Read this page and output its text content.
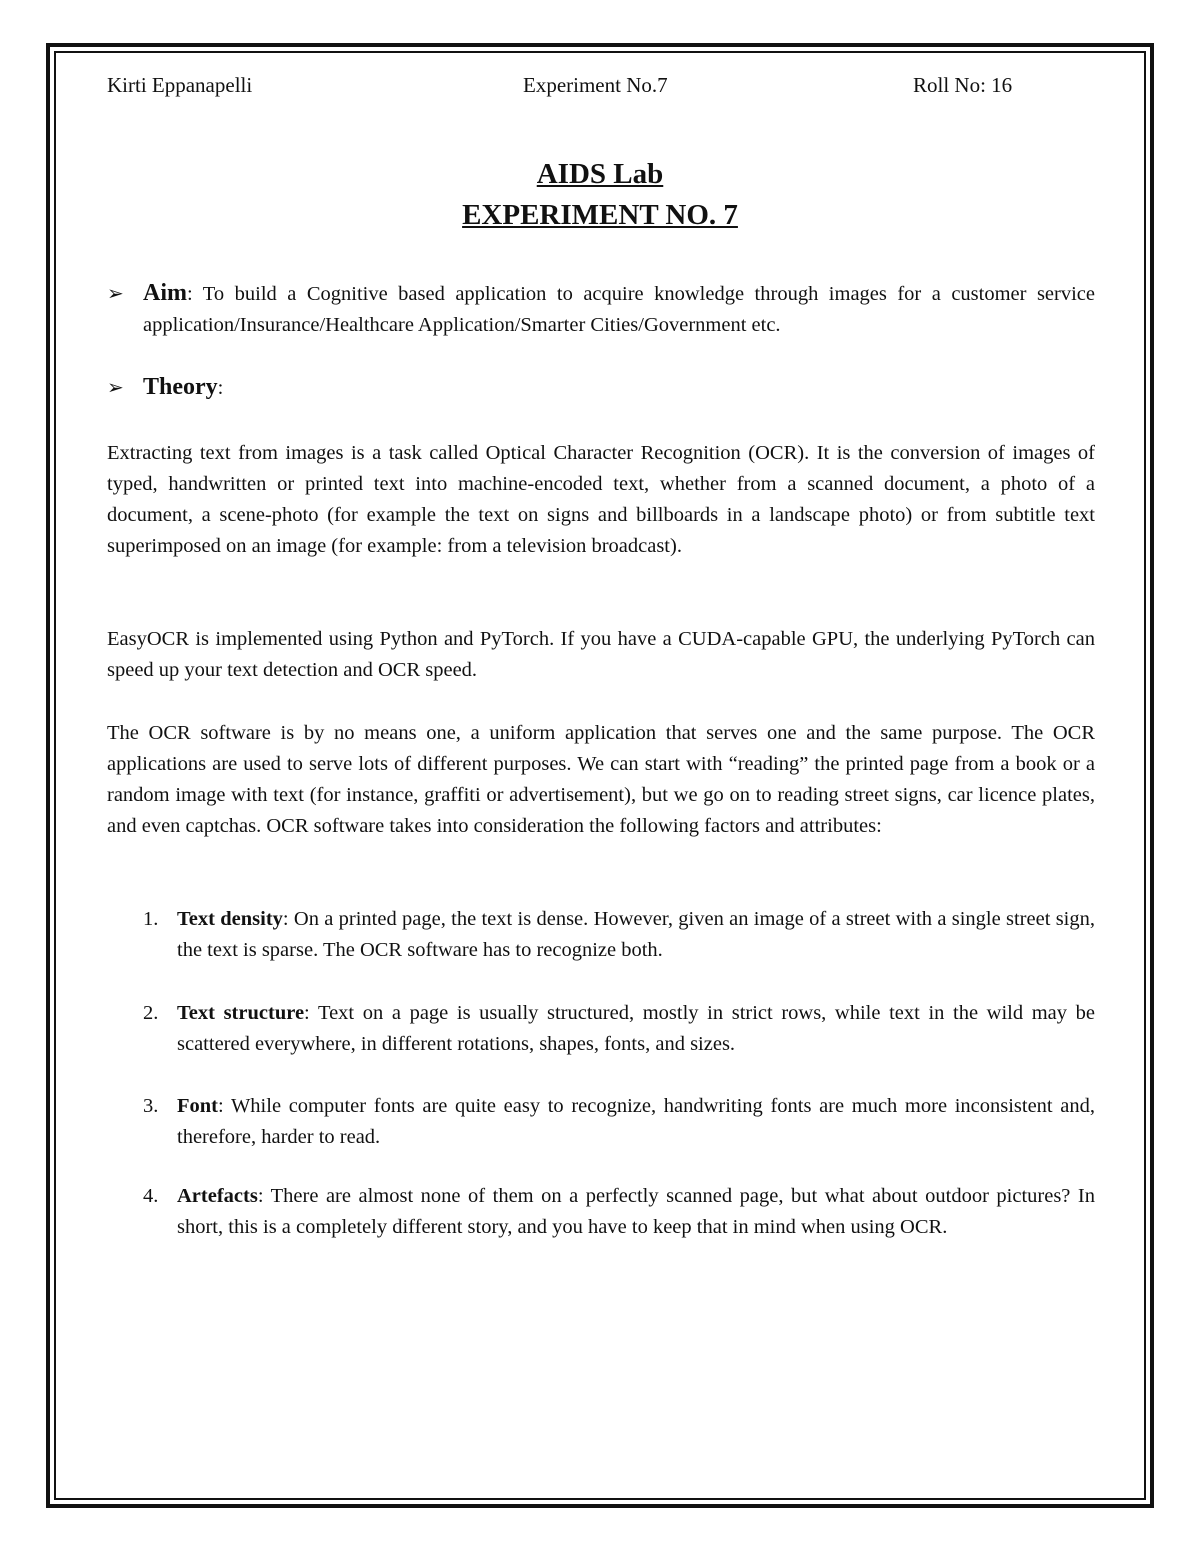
Kirti Eppanapelli	Experiment No.7	Roll No: 16
AIDS Lab
EXPERIMENT NO. 7
➢ Aim: To build a Cognitive based application to acquire knowledge through images for a customer service application/Insurance/Healthcare Application/Smarter Cities/Government etc.
➢ Theory:
Extracting text from images is a task called Optical Character Recognition (OCR). It is the conversion of images of typed, handwritten or printed text into machine-encoded text, whether from a scanned document, a photo of a document, a scene-photo (for example the text on signs and billboards in a landscape photo) or from subtitle text superimposed on an image (for example: from a television broadcast).
EasyOCR is implemented using Python and PyTorch. If you have a CUDA-capable GPU, the underlying PyTorch can speed up your text detection and OCR speed.
The OCR software is by no means one, a uniform application that serves one and the same purpose. The OCR applications are used to serve lots of different purposes. We can start with “reading” the printed page from a book or a random image with text (for instance, graffiti or advertisement), but we go on to reading street signs, car licence plates, and even captchas. OCR software takes into consideration the following factors and attributes:
1. Text density: On a printed page, the text is dense. However, given an image of a street with a single street sign, the text is sparse. The OCR software has to recognize both.
2. Text structure: Text on a page is usually structured, mostly in strict rows, while text in the wild may be scattered everywhere, in different rotations, shapes, fonts, and sizes.
3. Font: While computer fonts are quite easy to recognize, handwriting fonts are much more inconsistent and, therefore, harder to read.
4. Artefacts: There are almost none of them on a perfectly scanned page, but what about outdoor pictures? In short, this is a completely different story, and you have to keep that in mind when using OCR.
